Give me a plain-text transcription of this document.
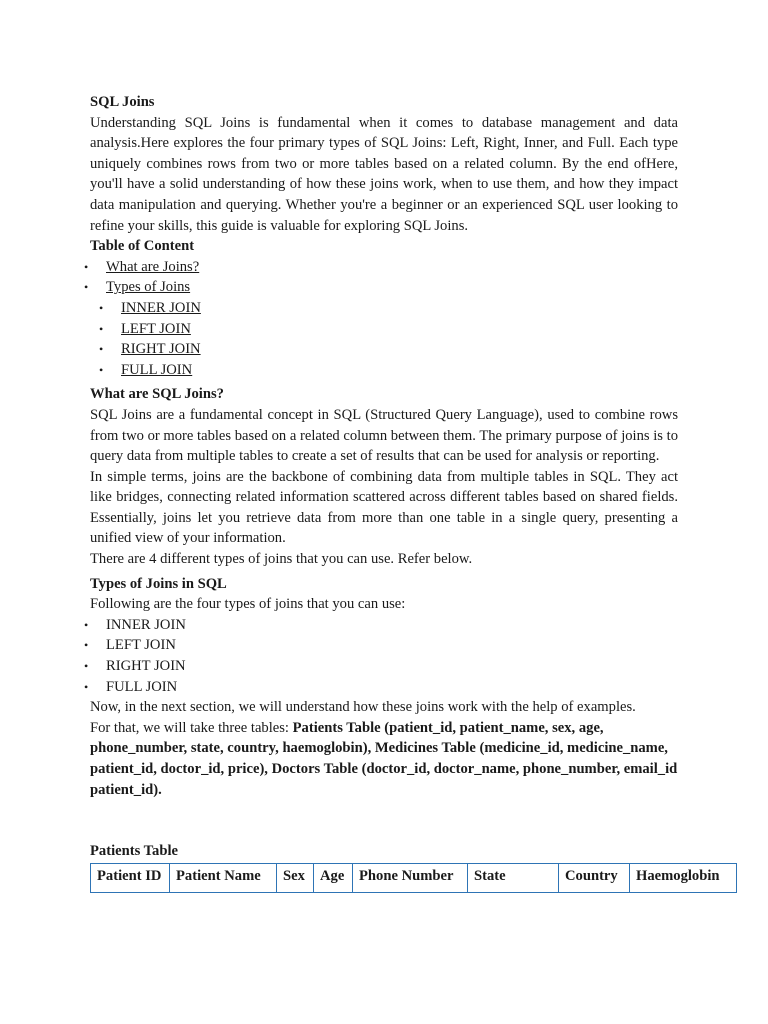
SQL Joins

Understanding SQL Joins is fundamental when it comes to database management and data analysis.Here explores the four primary types of SQL Joins: Left, Right, Inner, and Full. Each type uniquely combines rows from two or more tables based on a related column. By the end ofHere, you'll have a solid understanding of how these joins work, when to use them, and how they impact data manipulation and querying. Whether you're a beginner or an experienced SQL user looking to refine your skills, this guide is valuable for exploring SQL Joins.

Table of Content
• What are Joins?
• Types of Joins
• INNER JOIN
• LEFT JOIN
• RIGHT JOIN
• FULL JOIN
What are SQL Joins?

SQL Joins are a fundamental concept in SQL (Structured Query Language), used to combine rows from two or more tables based on a related column between them. The primary purpose of joins is to query data from multiple tables to create a set of results that can be used for analysis or reporting.

In simple terms, joins are the backbone of combining data from multiple tables in SQL. They act like bridges, connecting related information scattered across different tables based on shared fields. Essentially, joins let you retrieve data from more than one table in a single query, presenting a unified view of your information.

There are 4 different types of joins that you can use. Refer below.

Types of Joins in SQL

Following are the four types of joins that you can use:

• INNER JOIN
• LEFT JOIN
• RIGHT JOIN
• FULL JOIN

Now, in the next section, we will understand how these joins work with the help of examples.

For that, we will take three tables: Patients Table (patient_id, patient_name, sex, age, phone_number, state, country, haemoglobin), Medicines Table (medicine_id, medicine_name, patient_id, doctor_id, price), Doctors Table (doctor_id, doctor_name, phone_number, email_id patient_id).

Patients Table
Patient ID	Patient Name	Sex	Age	Phone Number	State	Country	Haemoglobin
